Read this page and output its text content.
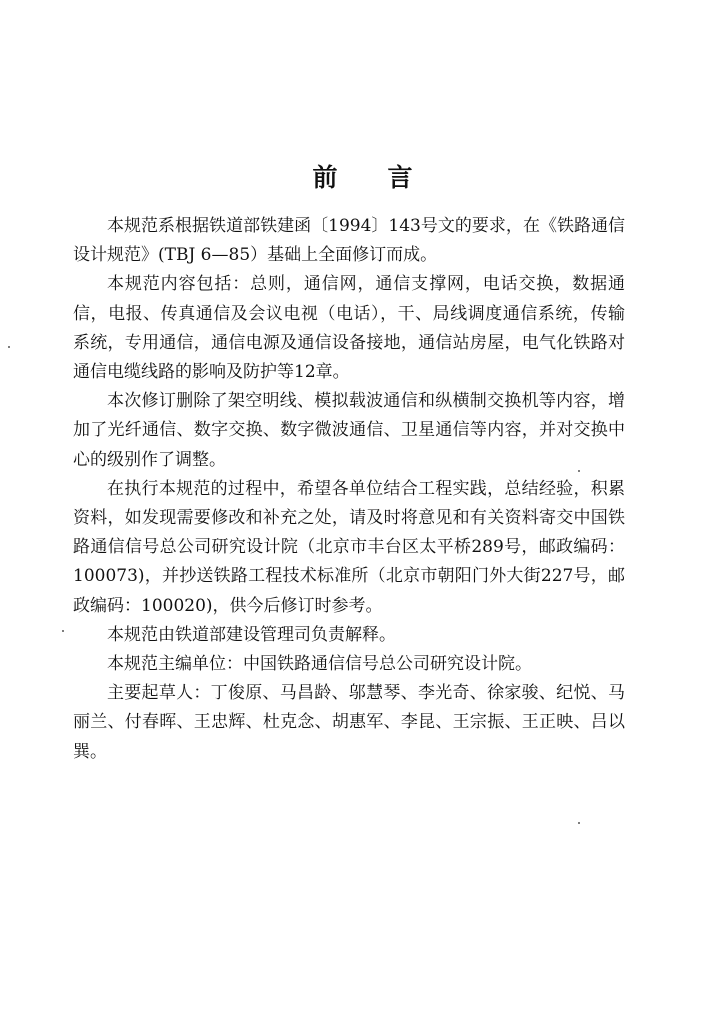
前言

本规范系根据铁道部铁建函〔1994〕143号文的要求，在《铁路通信设计规范》(TBJ 6—85）基础上全面修订而成。

本规范内容包括：总则，通信网，通信支撑网，电话交换，数据通信，电报、传真通信及会议电视（电话），干、局线调度通信系统，传输系统，专用通信，通信电源及通信设备接地，通信站房屋，电气化铁路对通信电缆线路的影响及防护等12章。

本次修订删除了架空明线、模拟载波通信和纵横制交换机等内容，增加了光纤通信、数字交换、数字微波通信、卫星通信等内容，并对交换中心的级别作了调整。

在执行本规范的过程中，希望各单位结合工程实践，总结经验，积累资料，如发现需要修改和补充之处，请及时将意见和有关资料寄交中国铁路通信信号总公司研究设计院（北京市丰台区太平桥289号，邮政编码：100073)，并抄送铁路工程技术标准所（北京市朝阳门外大街227号，邮政编码：100020)，供今后修订时参考。

本规范由铁道部建设管理司负责解释。

本规范主编单位：中国铁路通信信号总公司研究设计院。

主要起草人：丁俊原、马昌龄、邬慧琴、李光奇、徐家骏、纪悦、马丽兰、付春晖、王忠辉、杜克念、胡惠军、李昆、王宗振、王正映、吕以巽。
